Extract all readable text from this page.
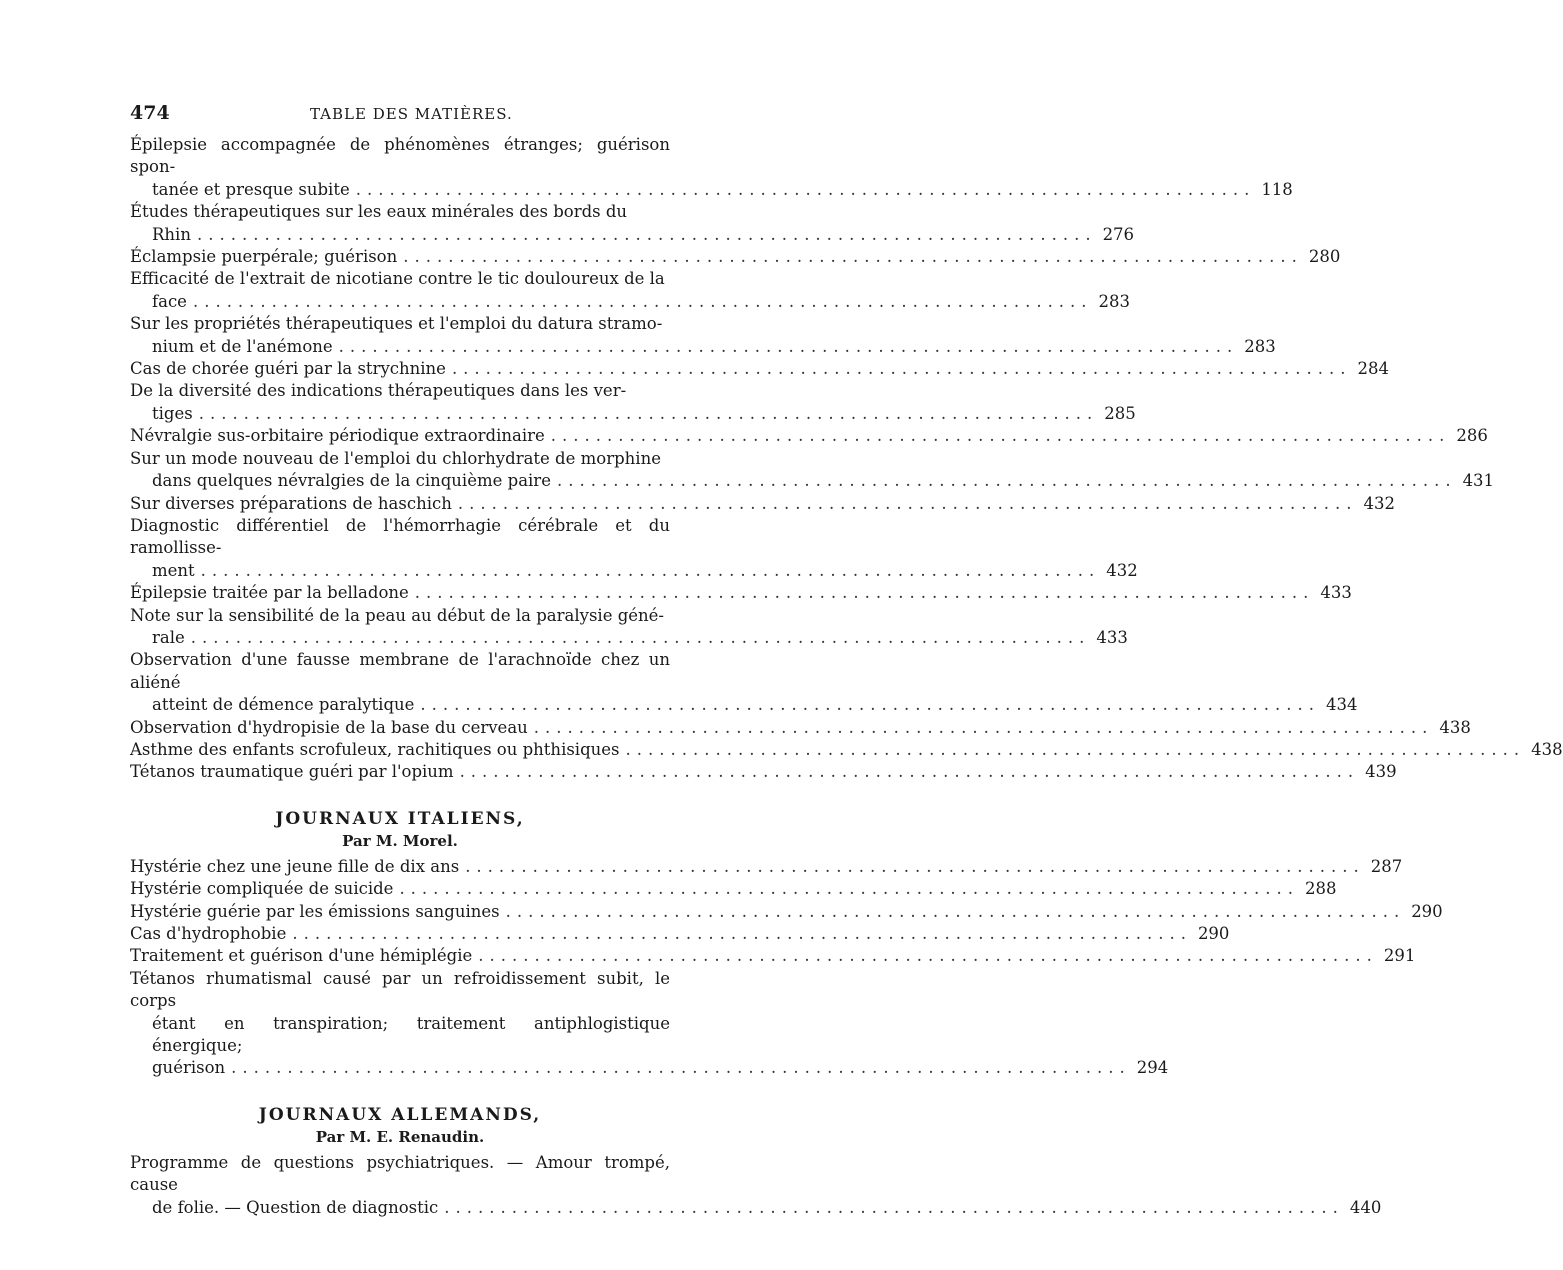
474	TABLE DES MATIÈRES.
Épilepsie accompagnée de phénomènes étranges; guérison spon-
tanée et presque subite ................................................................................ 118
Études thérapeutiques sur les eaux minérales des bords du
Rhin ................................................................................ 276
Éclampsie puerpérale; guérison ................................................................................ 280
Efficacité de l'extrait de nicotiane contre le tic douloureux de la
face ................................................................................ 283
Sur les propriétés thérapeutiques et l'emploi du datura stramo-
nium et de l'anémone ................................................................................ 283
Cas de chorée guéri par la strychnine ................................................................................ 284
De la diversité des indications thérapeutiques dans les ver-
tiges ................................................................................ 285
Névralgie sus-orbitaire périodique extraordinaire ................................................................................ 286
Sur un mode nouveau de l'emploi du chlorhydrate de morphine
dans quelques névralgies de la cinquième paire ................................................................................ 431
Sur diverses préparations de haschich ................................................................................ 432
Diagnostic différentiel de l'hémorrhagie cérébrale et du ramollisse-
ment ................................................................................ 432
Épilepsie traitée par la belladone ................................................................................ 433
Note sur la sensibilité de la peau au début de la paralysie géné-
rale ................................................................................ 433
Observation d'une fausse membrane de l'arachnoïde chez un aliéné
atteint de démence paralytique ................................................................................ 434
Observation d'hydropisie de la base du cerveau ................................................................................ 438
Asthme des enfants scrofuleux, rachitiques ou phthisiques ................................................................................ 438
Tétanos traumatique guéri par l'opium ................................................................................ 439
JOURNAUX ITALIENS,
Par M. Morel.
Hystérie chez une jeune fille de dix ans ................................................................................ 287
Hystérie compliquée de suicide ................................................................................ 288
Hystérie guérie par les émissions sanguines ................................................................................ 290
Cas d'hydrophobie ................................................................................ 290
Traitement et guérison d'une hémiplégie ................................................................................ 291
Tétanos rhumatismal causé par un refroidissement subit, le corps
étant en transpiration; traitement antiphlogistique énergique;
guérison ................................................................................ 294
JOURNAUX ALLEMANDS,
Par M. E. Renaudin.
Programme de questions psychiatriques. — Amour trompé, cause
de folie. — Question de diagnostic ................................................................................ 440
